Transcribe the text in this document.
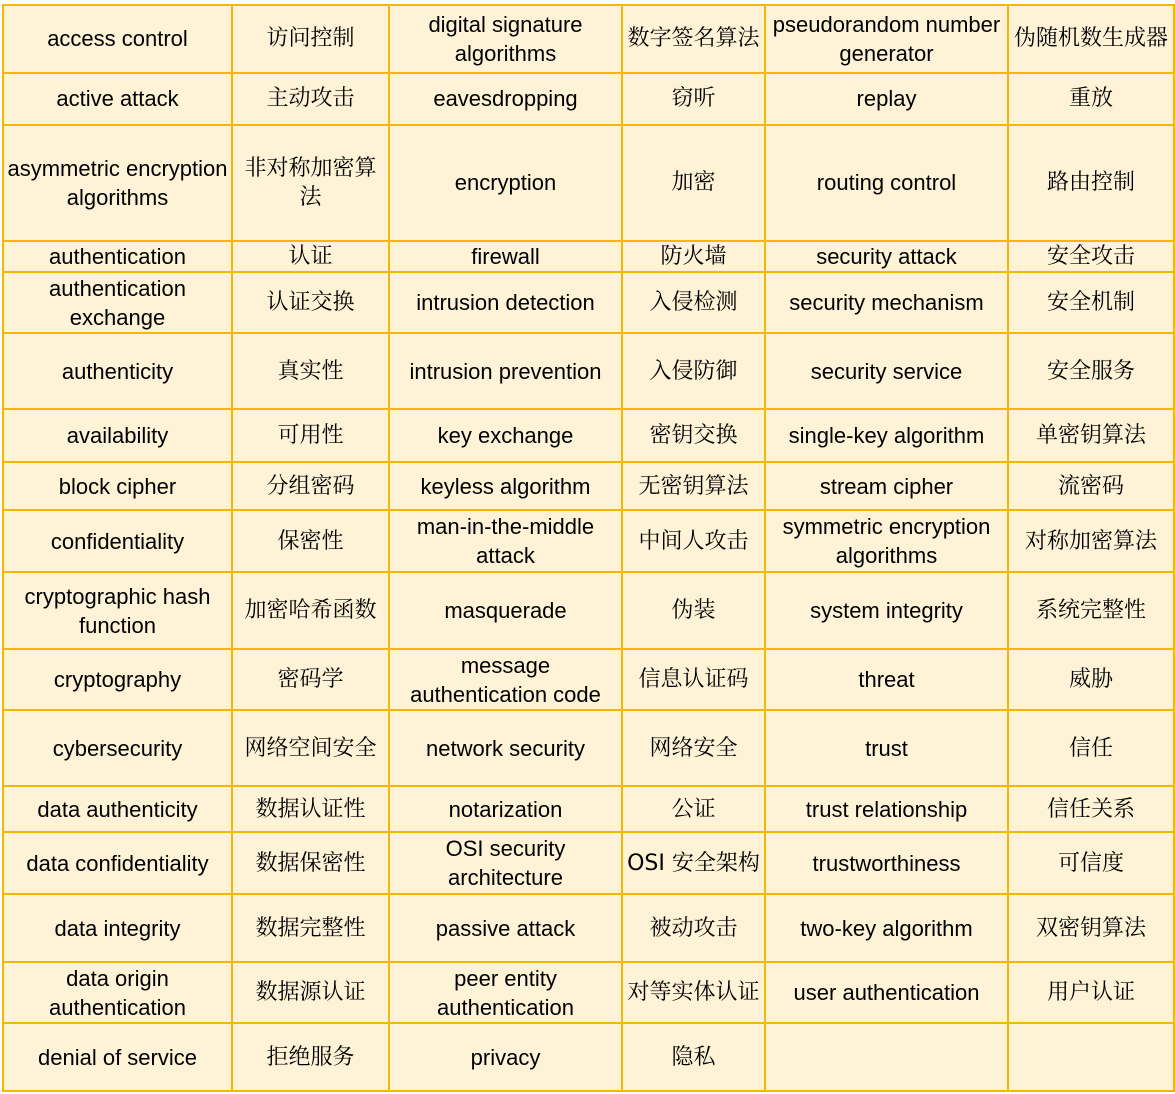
access control	访问控制	digital signature algorithms	数字签名算法	pseudorandom number generator	伪随机数生成器
active attack	主动攻击	eavesdropping	窃听	replay	重放
asymmetric encryption algorithms	非对称加密算法	encryption	加密	routing control	路由控制
authentication	认证	firewall	防火墙	security attack	安全攻击
authentication exchange	认证交换	intrusion detection	入侵检测	security mechanism	安全机制
authenticity	真实性	intrusion prevention	入侵防御	security service	安全服务
availability	可用性	key exchange	密钥交换	single-key algorithm	单密钥算法
block cipher	分组密码	keyless algorithm	无密钥算法	stream cipher	流密码
confidentiality	保密性	man-in-the-middle attack	中间人攻击	symmetric encryption algorithms	对称加密算法
cryptographic hash function	加密哈希函数	masquerade	伪装	system integrity	系统完整性
cryptography	密码学	message authentication code	信息认证码	threat	威胁
cybersecurity	网络空间安全	network security	网络安全	trust	信任
data authenticity	数据认证性	notarization	公证	trust relationship	信任关系
data confidentiality	数据保密性	OSI security architecture	OSI 安全架构	trustworthiness	可信度
data integrity	数据完整性	passive attack	被动攻击	two-key algorithm	双密钥算法
data origin authentication	数据源认证	peer entity authentication	对等实体认证	user authentication	用户认证
denial of service	拒绝服务	privacy	隐私		
